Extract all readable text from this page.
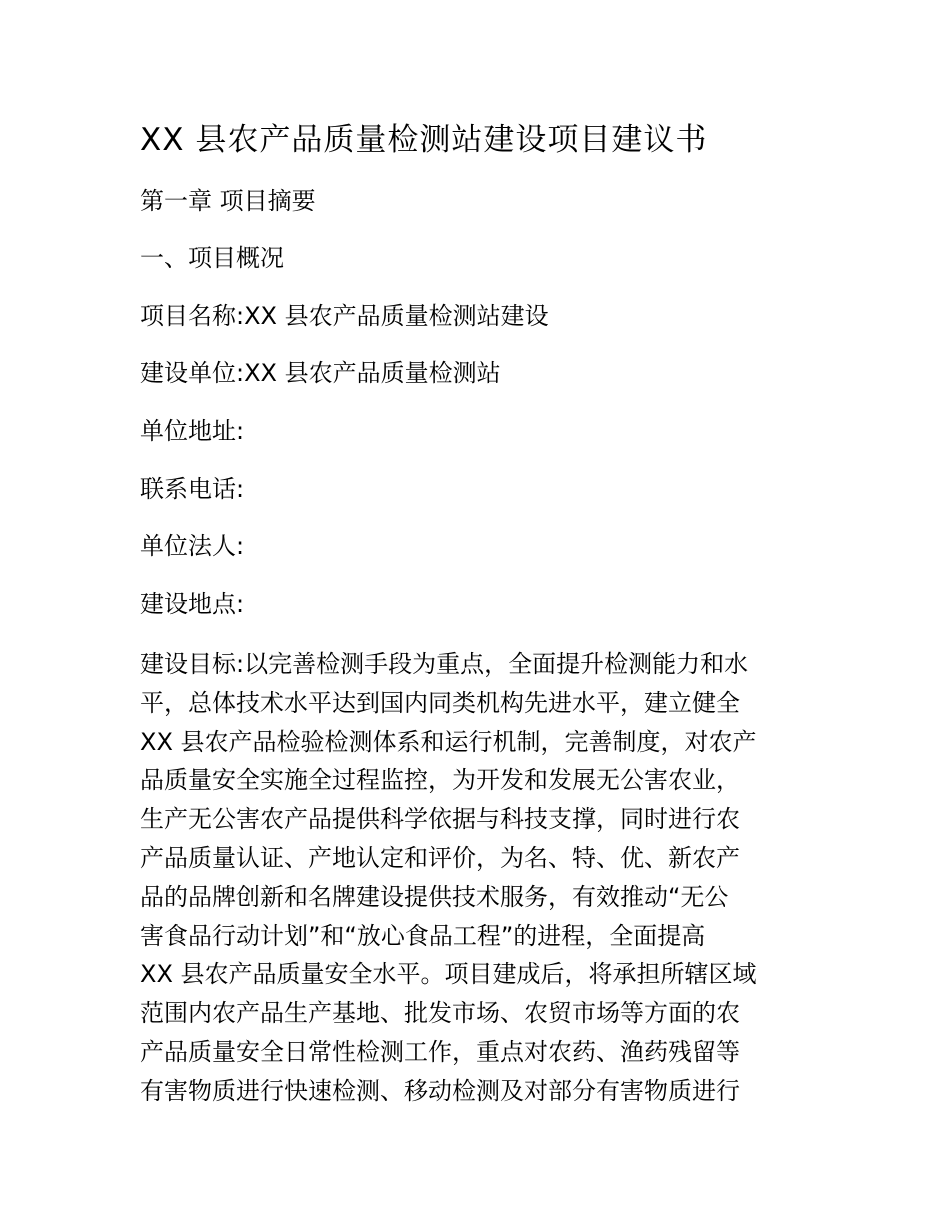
XX 县农产品质量检测站建设项目建议书
第一章 项目摘要
一、项目概况
项目名称:XX 县农产品质量检测站建设
建设单位:XX 县农产品质量检测站
单位地址:
联系电话:
单位法人:
建设地点:
建设目标:以完善检测手段为重点，全面提升检测能力和水
平，总体技术水平达到国内同类机构先进水平，建立健全
XX 县农产品检验检测体系和运行机制，完善制度，对农产
品质量安全实施全过程监控，为开发和发展无公害农业，
生产无公害农产品提供科学依据与科技支撑，同时进行农
产品质量认证、产地认定和评价，为名、特、优、新农产
品的品牌创新和名牌建设提供技术服务，有效推动“无公
害食品行动计划”和“放心食品工程”的进程，全面提高
XX 县农产品质量安全水平。项目建成后，将承担所辖区域
范围内农产品生产基地、批发市场、农贸市场等方面的农
产品质量安全日常性检测工作，重点对农药、渔药残留等
有害物质进行快速检测、移动检测及对部分有害物质进行
